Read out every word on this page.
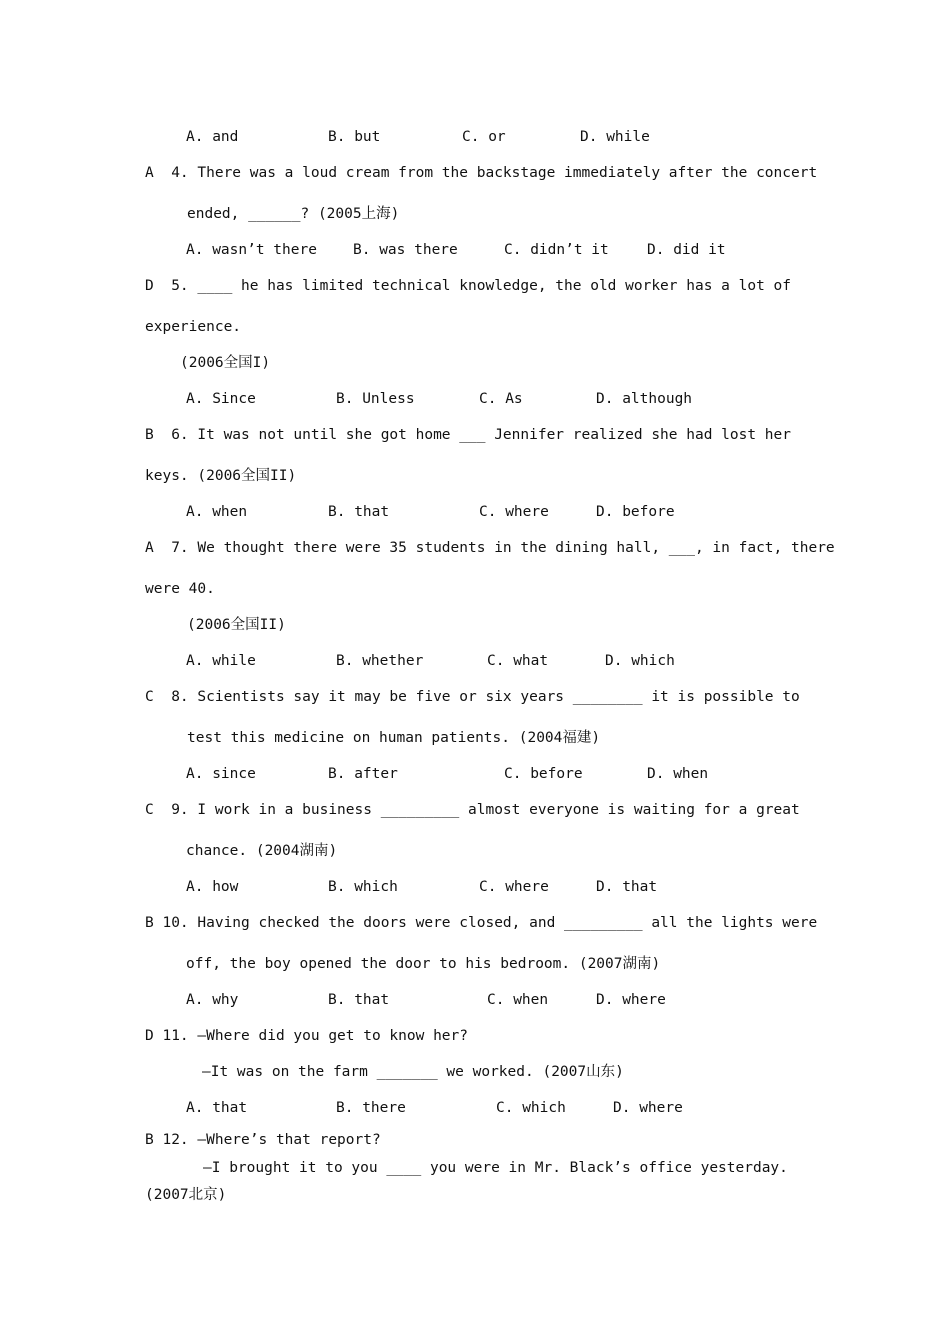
A. and	B. but	C. or	D. while
A  4. There was a loud cream from the backstage immediately after the concert
ended, ______? (2005上海)
A. wasn’t there B. was there	C. didn’t it	D. did it
D  5. ____ he has limited technical knowledge, the old worker has a lot of
experience.
(2006全国I)
A. Since	B. Unless	C. As	D. although
B  6. It was not until she got home ___ Jennifer realized she had lost her
keys. (2006全国II)
A. when	B. that	C. where	D. before
A  7. We thought there were 35 students in the dining hall, ___, in fact, there
were 40.
(2006全国II)
A. while	B. whether	C. what	D. which
C  8. Scientists say it may be five or six years ________ it is possible to
test this medicine on human patients. (2004福建)
A. since	B. after	C. before	D. when
C  9. I work in a business _________ almost everyone is waiting for a great
chance. (2004湖南)
A. how	B. which	C. where	D. that
B 10. Having checked the doors were closed, and _________ all the lights were
off, the boy opened the door to his bedroom. (2007湖南)
A. why	B. that	C. when	D. where
D 11. —Where did you get to know her?
—It was on the farm _______ we worked. (2007山东)
A. that	B. there	C. which	D. where
B 12. —Where’s that report?
—I brought it to you ____ you were in Mr. Black’s office yesterday.
(2007北京)
